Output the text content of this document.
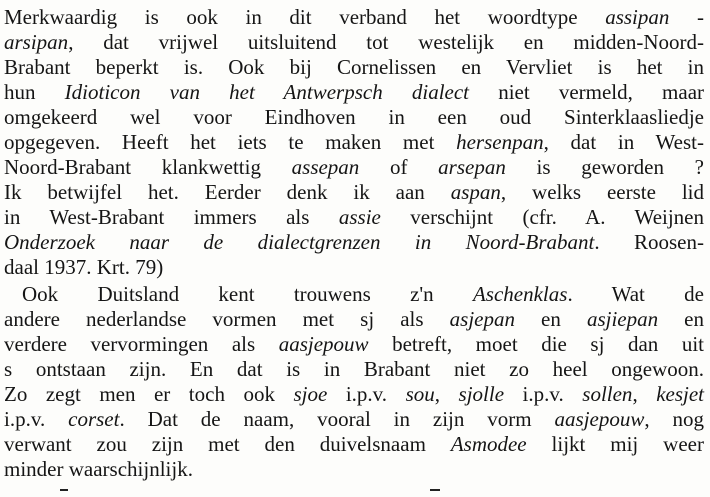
Merkwaardig is ook in dit verband het woordtype assipan -
arsipan, dat vrijwel uitsluitend tot westelijk en midden-Noord-
Brabant beperkt is. Ook bij Cornelissen en Vervliet is het in
hun Idioticon van het Antwerpsch dialect niet vermeld, maar
omgekeerd wel voor Eindhoven in een oud Sinterklaasliedje
opgegeven. Heeft het iets te maken met hersenpan, dat in West-
Noord-Brabant klankwettig assepan of arsepan is geworden ?
Ik betwijfel het. Eerder denk ik aan aspan, welks eerste lid
in West-Brabant immers als assie verschijnt (cfr. A. Weijnen
Onderzoek naar de dialectgrenzen in Noord-Brabant. Roosen-
daal 1937. Krt. 79)
Ook Duitsland kent trouwens z'n Aschenklas. Wat de
andere nederlandse vormen met sj als asjepan en asjiepan en
verdere vervormingen als aasjepouw betreft, moet die sj dan uit
s ontstaan zijn. En dat is in Brabant niet zo heel ongewoon.
Zo zegt men er toch ook sjoe i.p.v. sou, sjolle i.p.v. sollen, kesjet
i.p.v. corset. Dat de naam, vooral in zijn vorm aasjepouw, nog
verwant zou zijn met den duivelsnaam Asmodee lijkt mij weer
minder waarschijnlijk.
